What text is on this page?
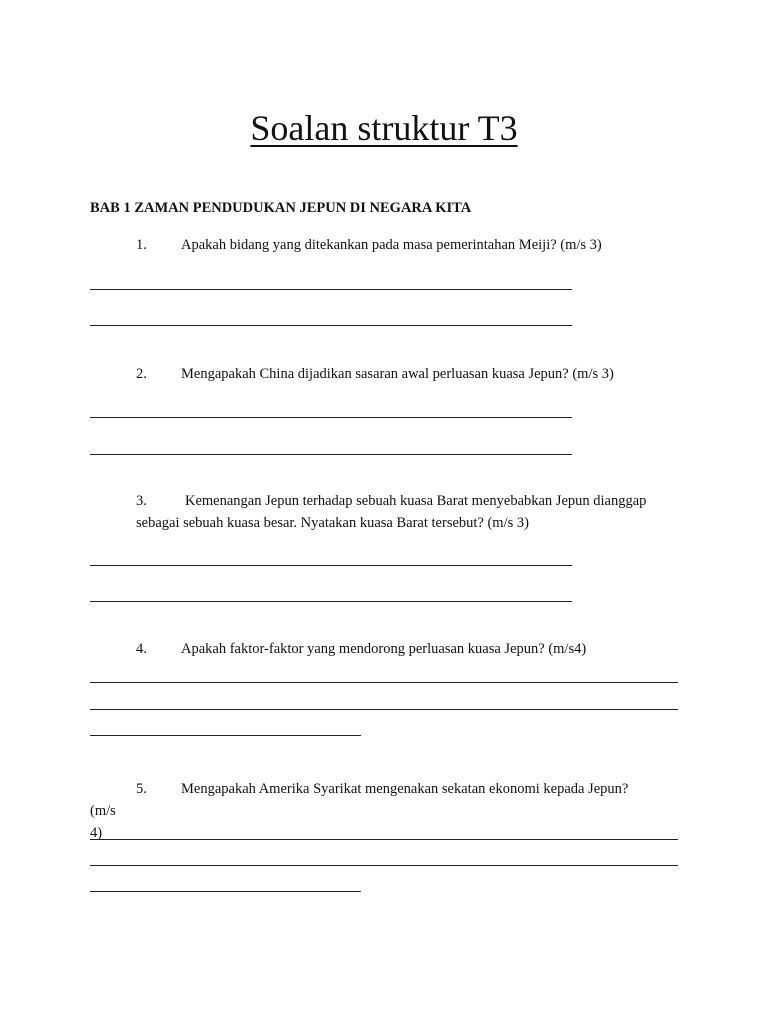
Soalan struktur T3
BAB 1 ZAMAN PENDUDUKAN JEPUN DI NEGARA KITA
1. Apakah bidang yang ditekankan pada masa pemerintahan Meiji? (m/s 3)
2. Mengapakah China dijadikan sasaran awal perluasan kuasa Jepun? (m/s 3)
3.	Kemenangan Jepun terhadap sebuah kuasa Barat menyebabkan Jepun dianggap sebagai sebuah kuasa besar. Nyatakan kuasa Barat tersebut? (m/s 3)
4. Apakah faktor-faktor yang mendorong perluasan kuasa Jepun? (m/s4)
5. Mengapakah Amerika Syarikat mengenakan sekatan ekonomi kepada Jepun?
(m/s 4)
